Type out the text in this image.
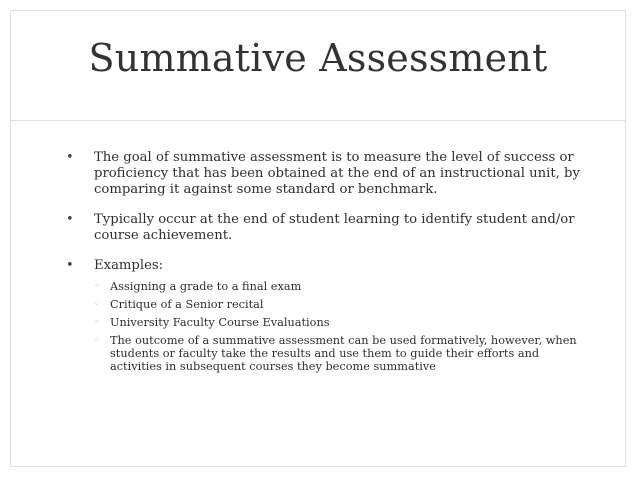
Summative Assessment
• The goal of summative assessment is to measure the level of success or proficiency that has been obtained at the end of an instructional unit, by comparing it against some standard or benchmark.
• Typically occur at the end of student learning to identify student and/or course achievement.
• Examples:
◦ Assigning a grade to a final exam
◦ Critique of a Senior recital
◦ University Faculty Course Evaluations
◦ The outcome of a summative assessment can be used formatively, however, when students or faculty take the results and use them to guide their efforts and activities in subsequent courses they become summative
